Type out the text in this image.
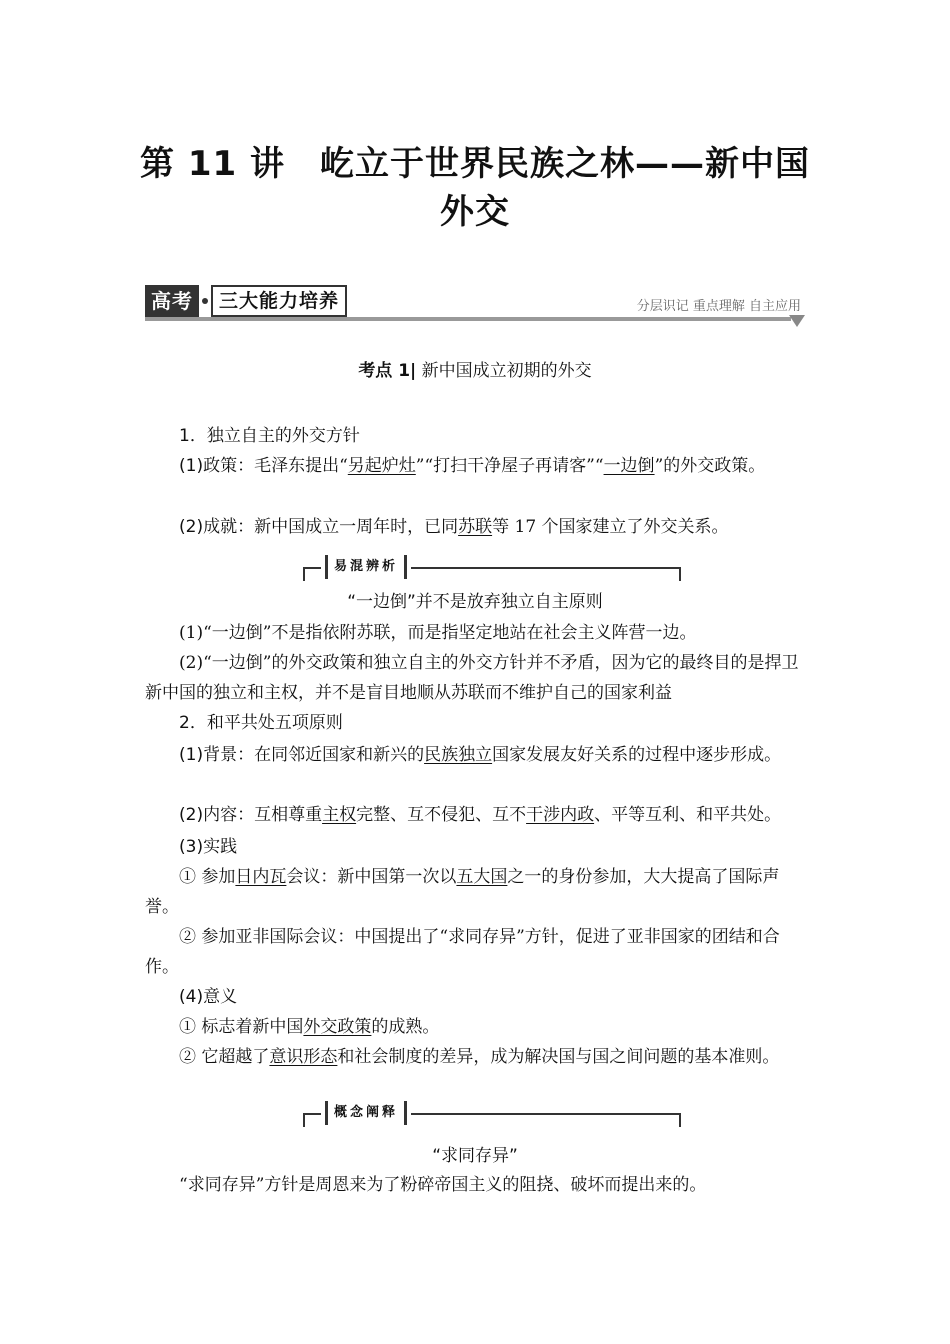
第 11 讲　屹立于世界民族之林——新中国
外交
高考	三大能力培养	分层识记 重点理解 自主应用
考点 1| 新中国成立初期的外交

1．独立自主的外交方针

(1)政策：毛泽东提出“另起炉灶”“打扫干净屋子再请客”“一边倒”的外交政策。

(2)成就：新中国成立一周年时，已同苏联等 17 个国家建立了外交关系。

易混辨析
“一边倒”并不是放弃独立自主原则

(1)“一边倒”不是指依附苏联，而是指坚定地站在社会主义阵营一边。

(2)“一边倒”的外交政策和独立自主的外交方针并不矛盾，因为它的最终目的是捍卫新中国的独立和主权，并不是盲目地顺从苏联而不维护自己的国家利益

2．和平共处五项原则

(1)背景：在同邻近国家和新兴的民族独立国家发展友好关系的过程中逐步形成。

(2)内容：互相尊重主权完整、互不侵犯、互不干涉内政、平等互利、和平共处。

(3)实践

① 参加日内瓦会议：新中国第一次以五大国之一的身份参加，大大提高了国际声誉。

② 参加亚非国际会议：中国提出了“求同存异”方针，促进了亚非国家的团结和合作。

(4)意义

① 标志着新中国外交政策的成熟。

② 它超越了意识形态和社会制度的差异，成为解决国与国之间问题的基本准则。

概念阐释
“求同存异”

“求同存异”方针是周恩来为了粉碎帝国主义的阻挠、破坏而提出来的。
